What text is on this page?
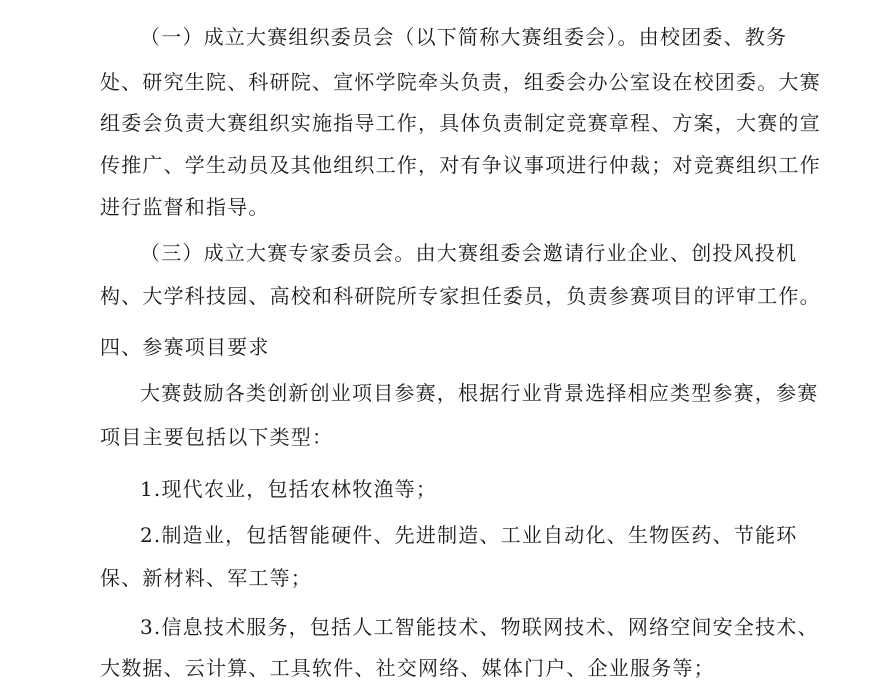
（一）成立大赛组织委员会（以下简称大赛组委会）。由校团委、教务
处、研究生院、科研院、宣怀学院牵头负责，组委会办公室设在校团委。大赛
组委会负责大赛组织实施指导工作，具体负责制定竞赛章程、方案，大赛的宣
传推广、学生动员及其他组织工作，对有争议事项进行仲裁；对竞赛组织工作
进行监督和指导。
（三）成立大赛专家委员会。由大赛组委会邀请行业企业、创投风投机
构、大学科技园、高校和科研院所专家担任委员，负责参赛项目的评审工作。
四、参赛项目要求
大赛鼓励各类创新创业项目参赛，根据行业背景选择相应类型参赛，参赛
项目主要包括以下类型：
1.现代农业，包括农林牧渔等；
2.制造业，包括智能硬件、先进制造、工业自动化、生物医药、节能环
保、新材料、军工等；
3.信息技术服务，包括人工智能技术、物联网技术、网络空间安全技术、
大数据、云计算、工具软件、社交网络、媒体门户、企业服务等；
